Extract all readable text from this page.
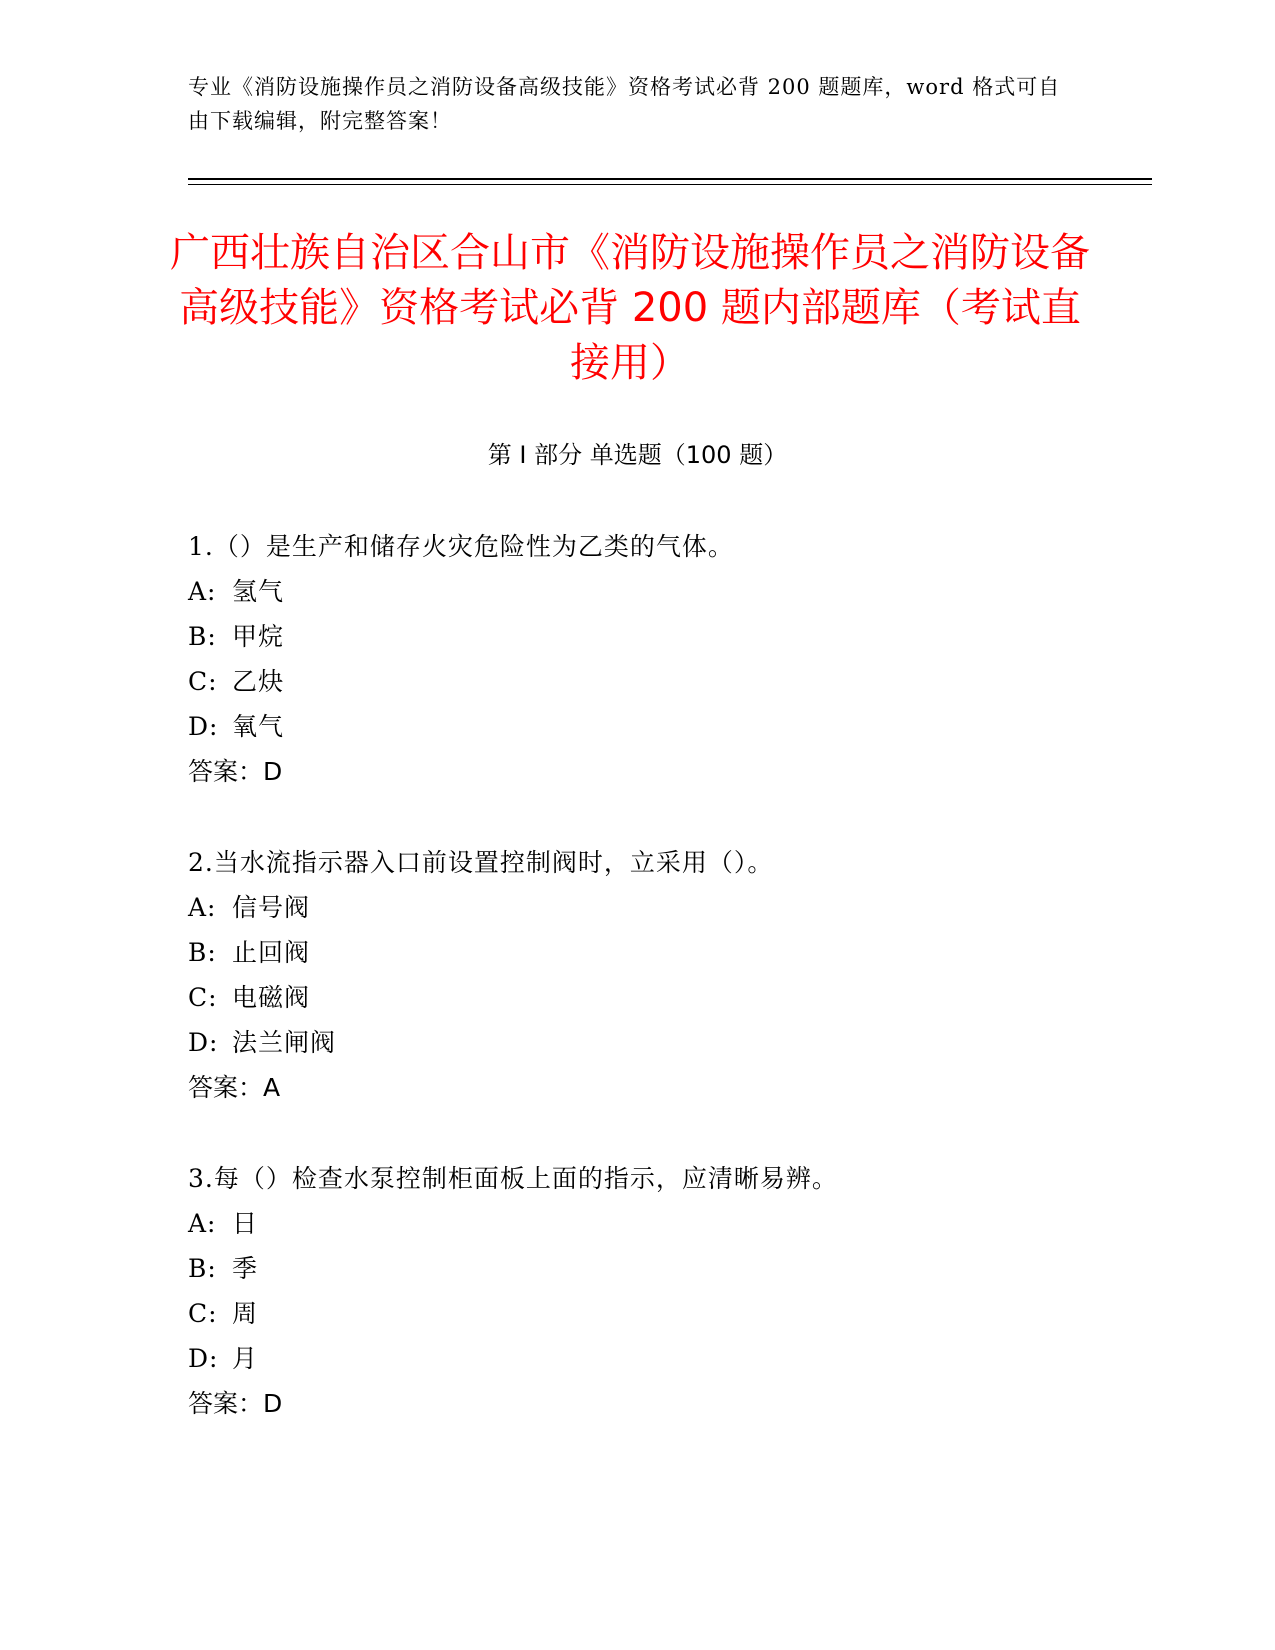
专业《消防设施操作员之消防设备高级技能》资格考试必背 200 题题库，word 格式可自由下载编辑，附完整答案！

广西壮族自治区合山市《消防设施操作员之消防设备高级技能》资格考试必背 200 题内部题库（考试直接用）
第 I 部分 单选题（100 题）
1.（）是生产和储存火灾危险性为乙类的气体。
A: 氢气
B: 甲烷
C: 乙炔
D: 氧气
答案：D
2.当水流指示器入口前设置控制阀时，立采用（）。
A: 信号阀
B: 止回阀
C: 电磁阀
D: 法兰闸阀
答案：A
3.每（）检查水泵控制柜面板上面的指示，应清晰易辨。
A: 日
B: 季
C: 周
D: 月
答案：D
